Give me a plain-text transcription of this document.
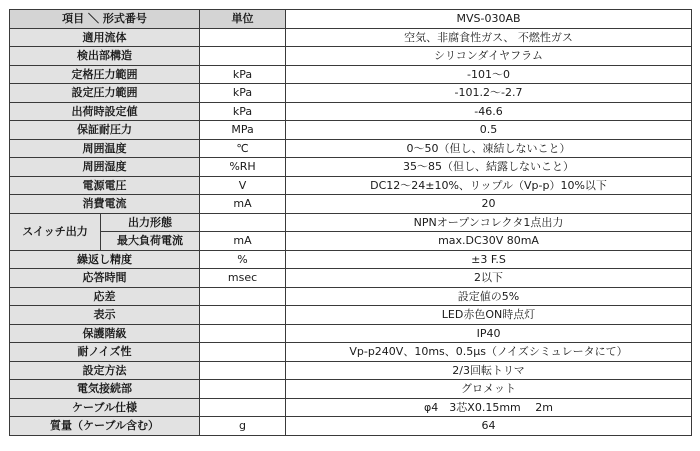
項目 ＼ 形式番号		単位	MVS-030AB
適用流体			空気、非腐食性ガス、 不燃性ガス
検出部構造			シリコンダイヤフラム
定格圧力範囲		kPa	-101～0
設定圧力範囲		kPa	-101.2～-2.7
出荷時設定値		kPa	-46.6
保証耐圧力		MPa	0.5
周囲温度		℃	0～50（但し、凍結しないこと）
周囲湿度		%RH	35～85（但し、結露しないこと）
電源電圧		V	DC12～24±10%、リップル（Vp-p）10%以下
消費電流		mA	20
スイッチ出力	出力形態		NPNオープンコレクタ1点出力
	最大負荷電流	mA	max.DC30V 80mA
繰返し精度		%	±3 F.S
応答時間		msec	2以下
応差			設定値の5%
表示			LED赤色ON時点灯
保護階級			IP40
耐ノイズ性			Vp-p240V、10ms、0.5μs（ノイズシミュレータにて）
設定方法			2/3回転トリマ
電気接続部			グロメット
ケーブル仕様			φ4　3芯X0.15mm　 2m
質量（ケーブル含む）		g	64
